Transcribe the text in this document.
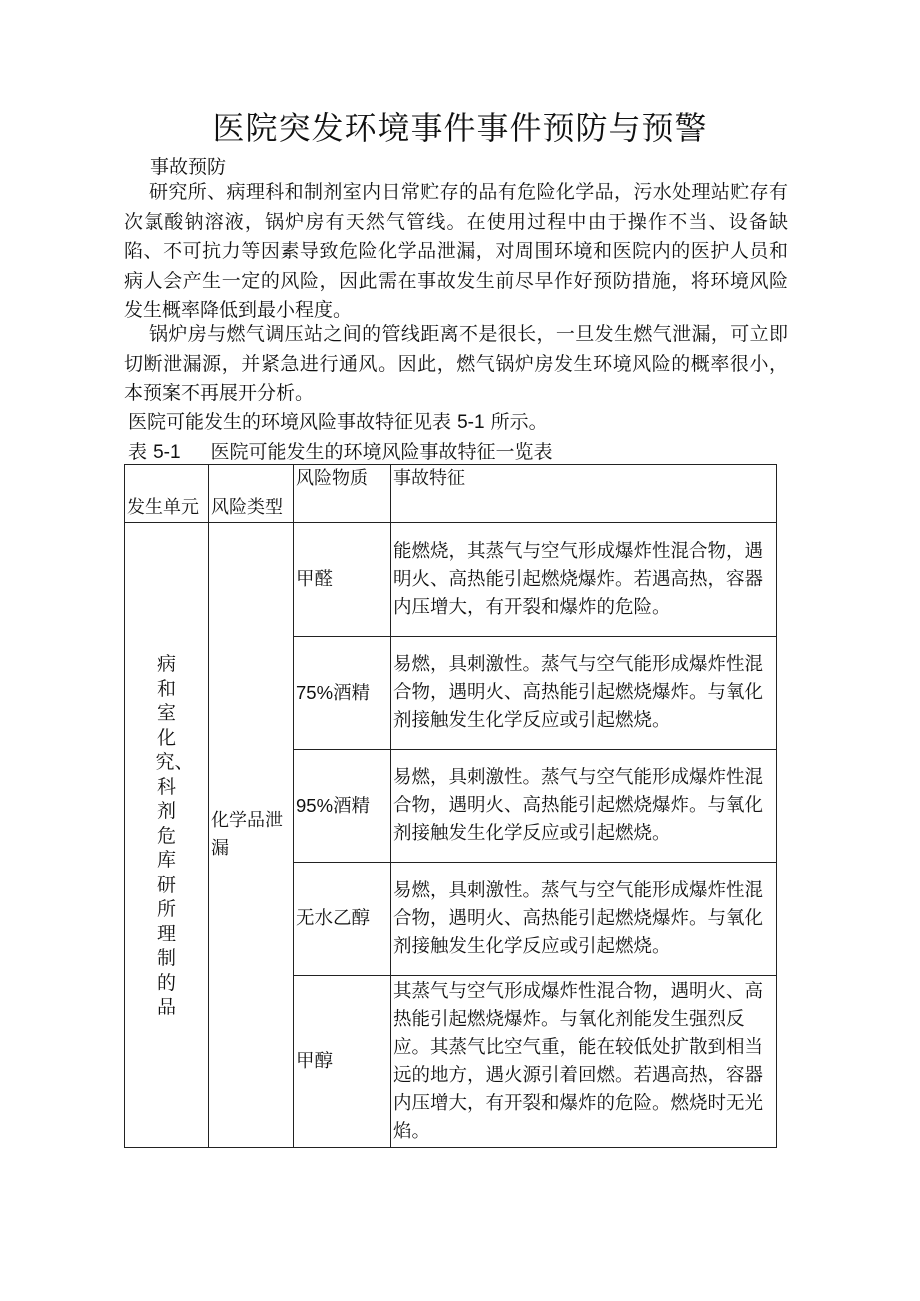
医院突发环境事件事件预防与预警

事故预防

研究所、病理科和制剂室内日常贮存的品有危险化学品，污水处理站贮存有次氯酸钠溶液，锅炉房有天然气管线。在使用过程中由于操作不当、设备缺陷、不可抗力等因素导致危险化学品泄漏，对周围环境和医院内的医护人员和病人会产生一定的风险，因此需在事故发生前尽早作好预防措施，将环境风险发生概率降低到最小程度。

锅炉房与燃气调压站之间的管线距离不是很长，一旦发生燃气泄漏，可立即切断泄漏源，并紧急进行通风。因此，燃气锅炉房发生环境风险的概率很小，本预案不再展开分析。

医院可能发生的环境风险事故特征见表 5-1 所示。

表 5-1 医院可能发生的环境风险事故特征一览表

发生单元	风险类型	风险物质	事故特征
病和室化究、科剂危库研所理制的品	化学品泄漏	甲醛	能燃烧，其蒸气与空气形成爆炸性混合物，遇明火、高热能引起燃烧爆炸。若遇高热，容器内压增大，有开裂和爆炸的危险。
		75%酒精	易燃，具刺激性。蒸气与空气能形成爆炸性混合物，遇明火、高热能引起燃烧爆炸。与氧化剂接触发生化学反应或引起燃烧。
		95%酒精	易燃，具刺激性。蒸气与空气能形成爆炸性混合物，遇明火、高热能引起燃烧爆炸。与氧化剂接触发生化学反应或引起燃烧。
		无水乙醇	易燃，具刺激性。蒸气与空气能形成爆炸性混合物，遇明火、高热能引起燃烧爆炸。与氧化剂接触发生化学反应或引起燃烧。
		甲醇	其蒸气与空气形成爆炸性混合物，遇明火、高热能引起燃烧爆炸。与氧化剂能发生强烈反应。其蒸气比空气重，能在较低处扩散到相当远的地方，遇火源引着回燃。若遇高热，容器内压增大，有开裂和爆炸的危险。燃烧时无光焰。
